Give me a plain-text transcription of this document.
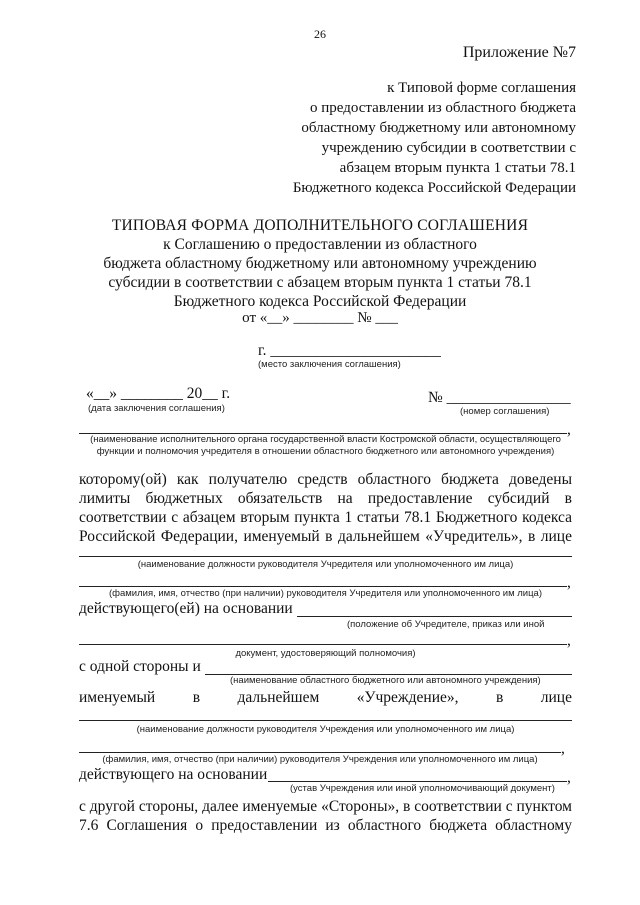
26
Приложение №7
к Типовой форме соглашения
о предоставлении из областного бюджета
областному бюджетному или автономному
учреждению субсидии в соответствии с
абзацем вторым пункта 1 статьи 78.1
Бюджетного кодекса Российской Федерации
ТИПОВАЯ ФОРМА ДОПОЛНИТЕЛЬНОГО СОГЛАШЕНИЯ
к Соглашению о предоставлении из областного
бюджета областному бюджетному или автономному учреждению
субсидии в соответствии с абзацем вторым пункта 1 статьи 78.1
Бюджетного кодекса Российской Федерации
от «__» ________ № ___
г. ______________________
(место заключения соглашения)
«__» ________ 20__ г.
(дата заключения соглашения)
№ ________________
(номер соглашения)
,
(наименование исполнительного органа государственной власти Костромской области, осуществляющего функции и полномочия учредителя в отношении областного бюджетного или автономного учреждения)
которому(ой) как получателю средств областного бюджета доведены
лимиты бюджетных обязательств на предоставление субсидий в
соответствии с абзацем вторым пункта 1 статьи 78.1 Бюджетного кодекса
Российской Федерации, именуемый в дальнейшем «Учредитель», в лице
(наименование должности руководителя Учредителя или уполномоченного им лица)
,
(фамилия, имя, отчество (при наличии) руководителя Учредителя или уполномоченного им лица)
действующего(ей) на основании
(положение об Учредителе, приказ или иной
,
документ, удостоверяющий полномочия)
с одной стороны и
(наименование областного бюджетного или автономного учреждения)
именуемый в дальнейшем «Учреждение», в лице
(наименование должности руководителя Учреждения или уполномоченного им лица)
,
(фамилия, имя, отчество (при наличии) руководителя Учреждения или уполномоченного им лица)
действующего на основании	,
(устав Учреждения или иной уполномочивающий документ)
с другой стороны, далее именуемые «Стороны», в соответствии с пунктом
7.6 Соглашения о предоставлении из областного бюджета областному
